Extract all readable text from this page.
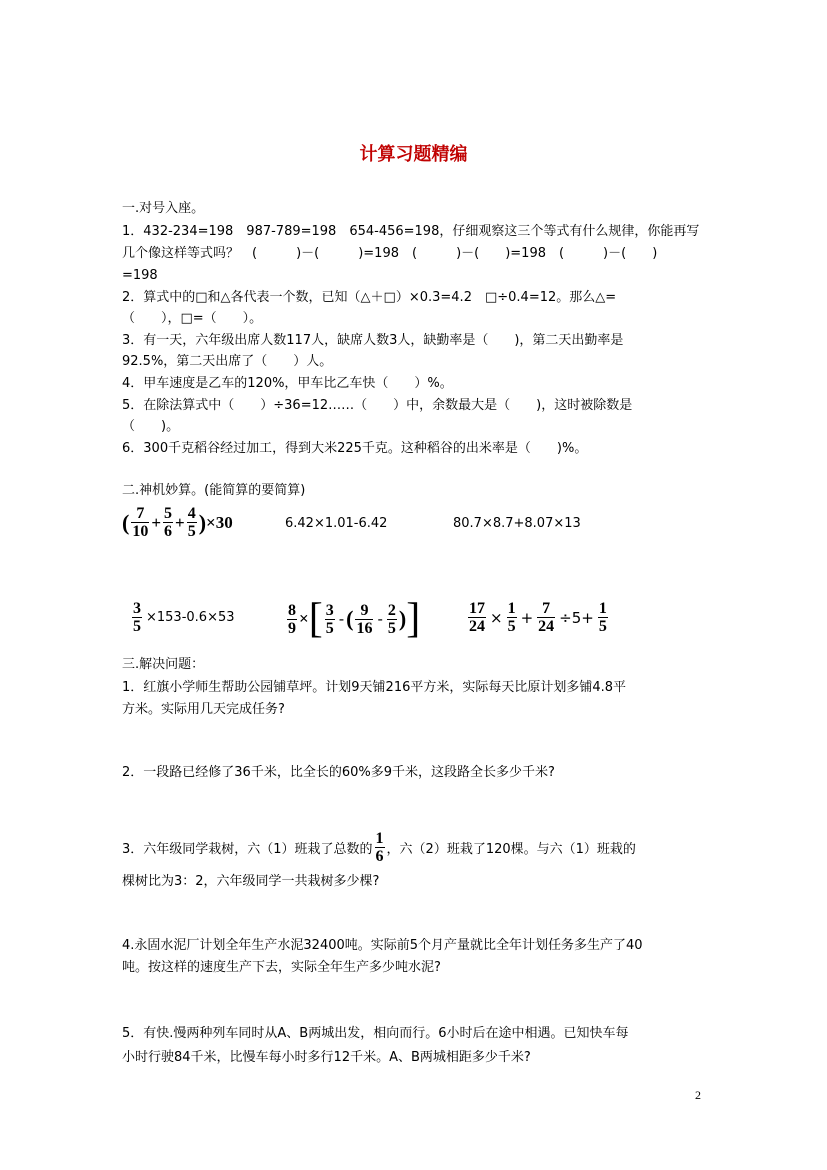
计算习题精编
一.对号入座。
1．432-234=198　987-789=198　654-456=198，仔细观察这三个等式有什么规律，你能再写
几个像这样等式吗？　(　　　)－(　　　)=198　(　　　)－(　　)=198　(　　　)－(　　)
=198
2．算式中的□和△各代表一个数，已知（△＋□）×0.3=4.2　□÷0.4=12。那么△=
（　　），□=（　　）。
3．有一天，六年级出席人数117人，缺席人数3人，缺勤率是（　　)，第二天出勤率是
92.5%，第二天出席了（　　）人。
4．甲车速度是乙车的120%，甲车比乙车快（　　）%。
5．在除法算式中（　　）÷36=12……（　　）中，余数最大是（　　)，这时被除数是
（　　)。
6．300千克稻谷经过加工，得到大米225千克。这种稻谷的出米率是（　　)%。
二.神机妙算。(能简算的要简算)
( $\frac{7}{10} + \frac{5}{6} + \frac{4}{5}$ ) ×30	6.42×1.01-6.42	80.7×8.7+8.07×13
$\frac{3}{5} \times 153-0.6\times 53$	$\frac{8}{9}$ × [ $\frac{3}{5}$ - ( $\frac{9}{16} - \frac{2}{5}$ ) ]	$\frac{17}{24} \times \frac{1}{5} + \frac{7}{24} \div 5+ \frac{1}{5}$
三.解决问题：
1．红旗小学师生帮助公园铺草坪。计划9天铺216平方米，实际每天比原计划多铺4.8平
方米。实际用几天完成任务?
2．一段路已经修了36千米，比全长的60%多9千米，这段路全长多少千米?
3．六年级同学栽树，六（1）班栽了总数的 $\frac{1}{6}$ ，六（2）班栽了120棵。与六（1）班栽的
棵树比为3：2，六年级同学一共栽树多少棵?
4.永固水泥厂计划全年生产水泥32400吨。实际前5个月产量就比全年计划任务多生产了40
吨。按这样的速度生产下去，实际全年生产多少吨水泥?
5．有快.慢两种列车同时从A、B两城出发，相向而行。6小时后在途中相遇。已知快车每
小时行驶84千米，比慢车每小时多行12千米。A、B两城相距多少千米?
2
